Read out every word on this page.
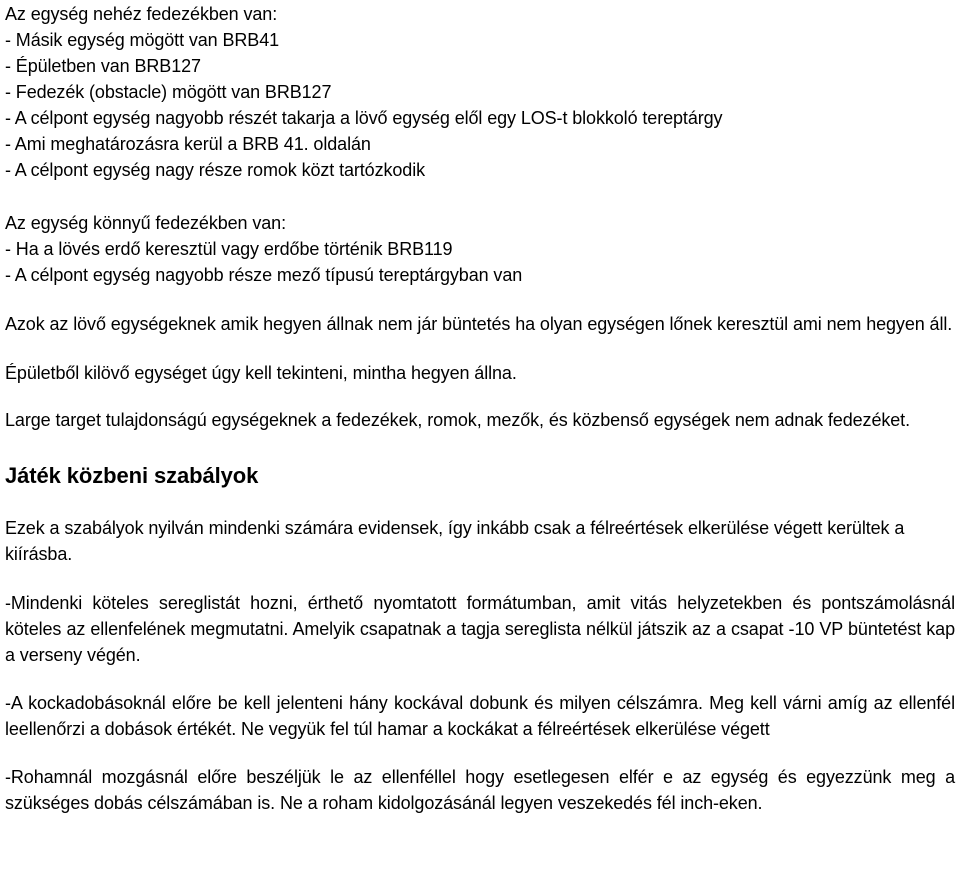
Az egység nehéz fedezékben van:
- Másik egység mögött van BRB41
- Épületben van BRB127
- Fedezék (obstacle) mögött van BRB127
- A célpont egység nagyobb részét takarja a lövő egység elől egy LOS-t blokkoló tereptárgy
- Ami meghatározásra kerül a BRB 41. oldalán
- A célpont egység nagy része romok közt tartózkodik
Az egység könnyű fedezékben van:
- Ha a lövés erdő keresztül vagy erdőbe történik BRB119
- A célpont egység nagyobb része mező típusú tereptárgyban van

Azok az lövő egységeknek amik hegyen állnak nem jár büntetés ha olyan egységen lőnek keresztül ami nem hegyen áll.

Épületből kilövő egységet úgy kell tekinteni, mintha hegyen állna.

Large target tulajdonságú egységeknek a fedezékek, romok, mezők, és közbenső egységek nem adnak fedezéket.

Játék közbeni szabályok

Ezek a szabályok nyilván mindenki számára evidensek, így inkább csak a félreértések elkerülése végett kerültek a kiírásba.

-Mindenki köteles sereglistát hozni, érthető nyomtatott formátumban, amit vitás helyzetekben és pontszámolásnál köteles az ellenfelének megmutatni. Amelyik csapatnak a tagja sereglista nélkül játszik az a csapat -10 VP büntetést kap a verseny végén.

-A kockadobásoknál előre be kell jelenteni hány kockával dobunk és milyen célszámra. Meg kell várni amíg az ellenfél leellenőrzi a dobások értékét. Ne vegyük fel túl hamar a kockákat a félreértések elkerülése végett

-Rohamnál mozgásnál előre beszéljük le az ellenféllel hogy esetlegesen elfér e az egység és egyezzünk meg a szükséges dobás célszámában is. Ne a roham kidolgozásánál legyen veszekedés fél inch-eken.
